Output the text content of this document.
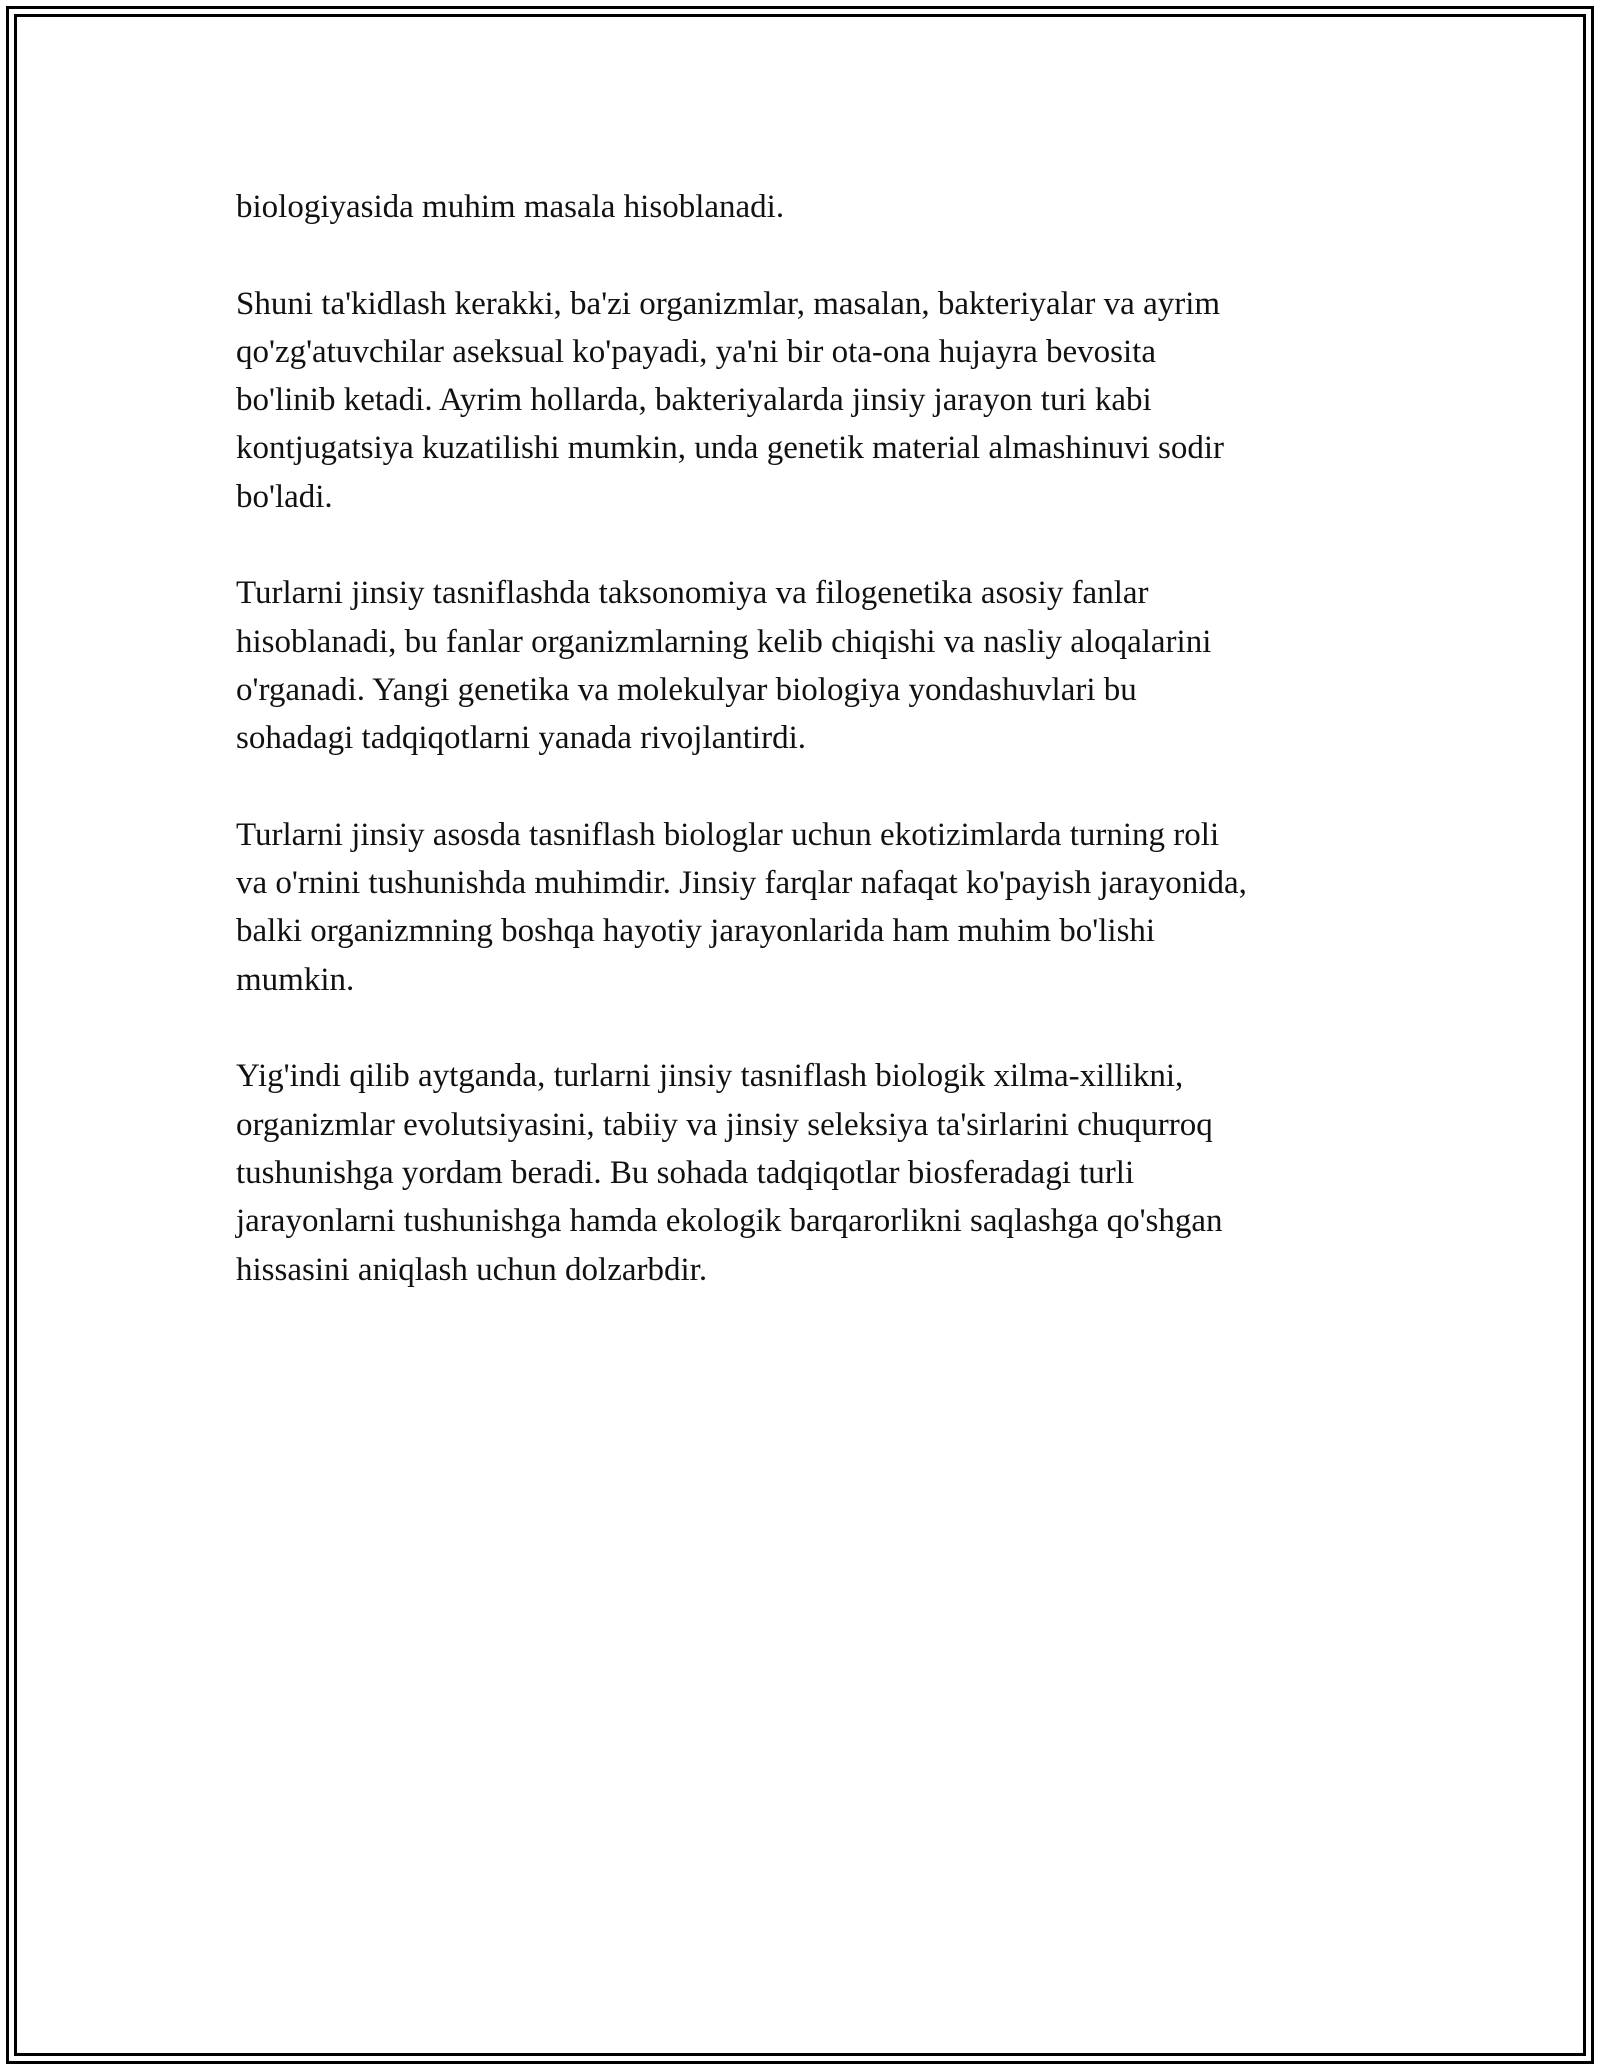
biologiyasida muhim masala hisoblanadi.

Shuni ta'kidlash kerakki, ba'zi organizmlar, masalan, bakteriyalar va ayrim
qo'zg'atuvchilar aseksual ko'payadi, ya'ni bir ota-ona hujayra bevosita
bo'linib ketadi. Ayrim hollarda, bakteriyalarda jinsiy jarayon turi kabi
kontjugatsiya kuzatilishi mumkin, unda genetik material almashinuvi sodir
bo'ladi.

Turlarni jinsiy tasniflashda taksonomiya va filogenetika asosiy fanlar
hisoblanadi, bu fanlar organizmlarning kelib chiqishi va nasliy aloqalarini
o'rganadi. Yangi genetika va molekulyar biologiya yondashuvlari bu
sohadagi tadqiqotlarni yanada rivojlantirdi.

Turlarni jinsiy asosda tasniflash biologlar uchun ekotizimlarda turning roli
va o'rnini tushunishda muhimdir. Jinsiy farqlar nafaqat ko'payish jarayonida,
balki organizmning boshqa hayotiy jarayonlarida ham muhim bo'lishi
mumkin.

Yig'indi qilib aytganda, turlarni jinsiy tasniflash biologik xilma-xillikni,
organizmlar evolutsiyasini, tabiiy va jinsiy seleksiya ta'sirlarini chuqurroq
tushunishga yordam beradi. Bu sohada tadqiqotlar biosferadagi turli
jarayonlarni tushunishga hamda ekologik barqarorlikni saqlashga qo'shgan
hissasini aniqlash uchun dolzarbdir.
